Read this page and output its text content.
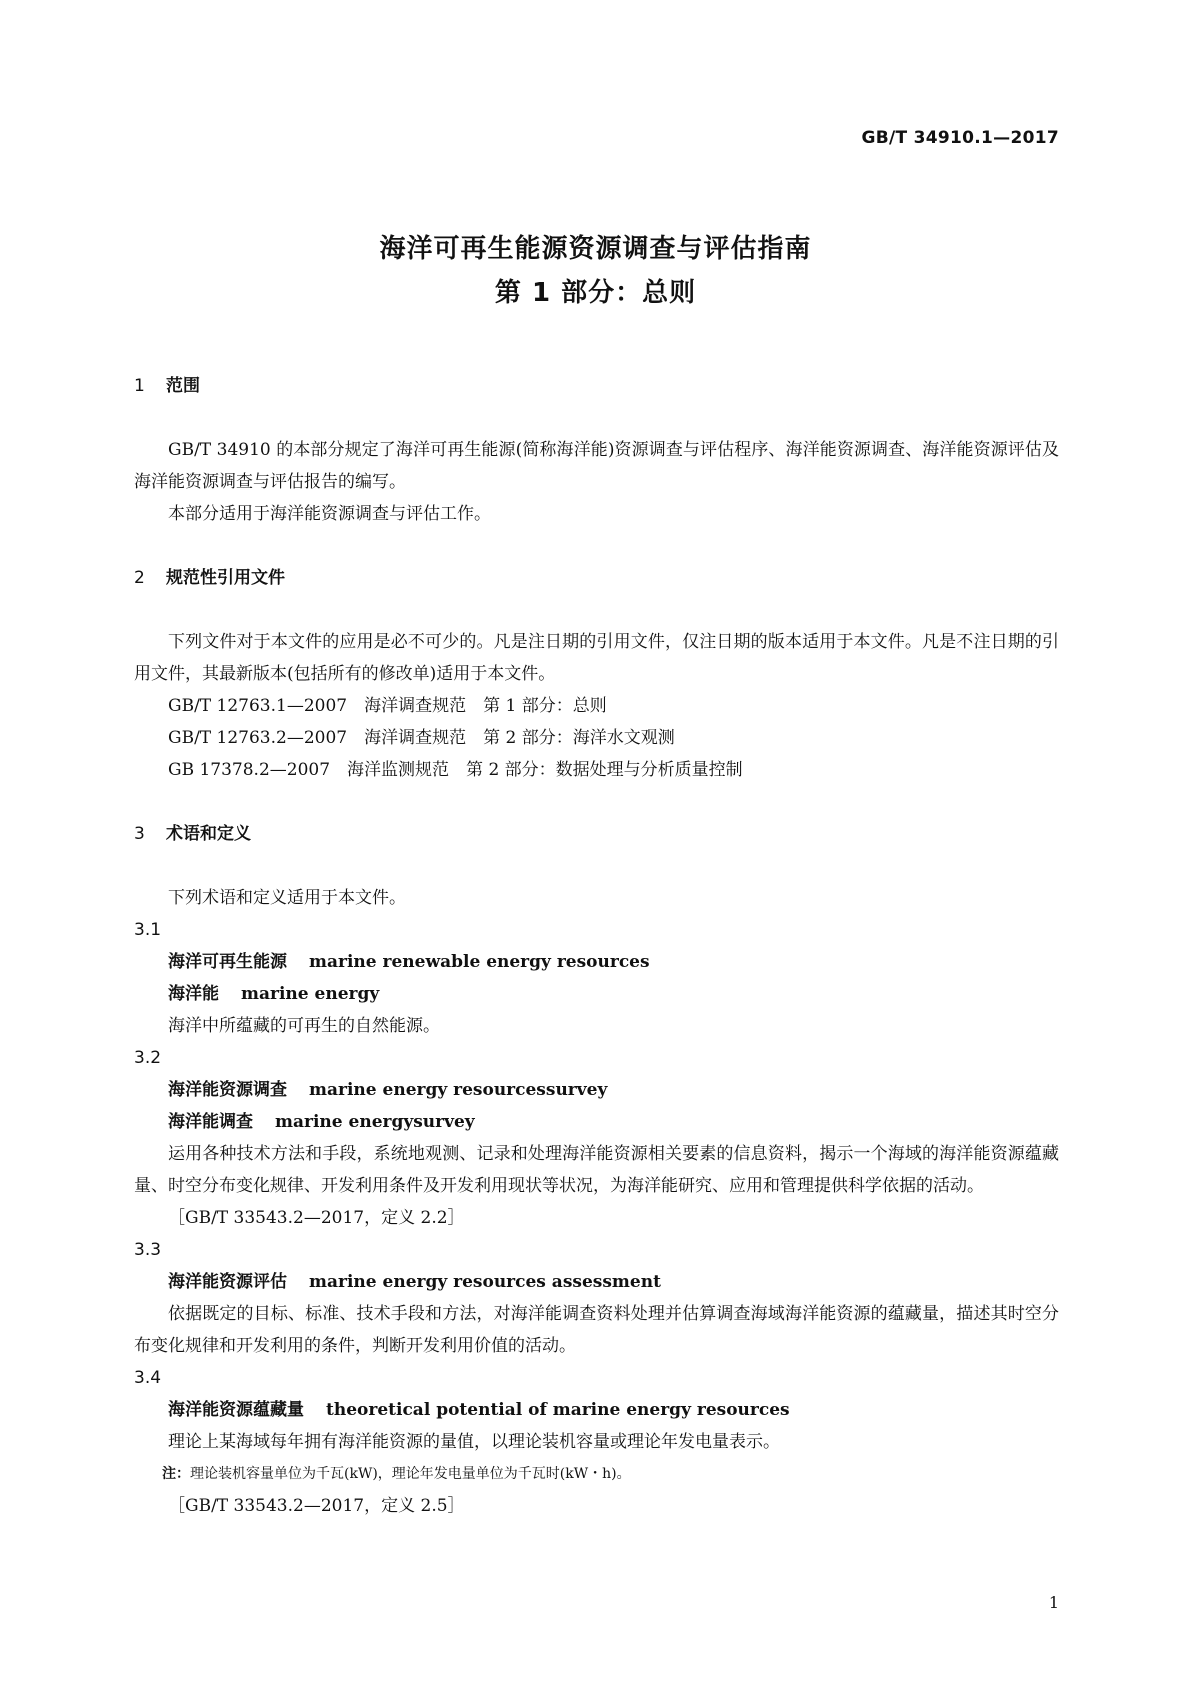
GB/T 34910.1—2017
海洋可再生能源资源调查与评估指南
第 1 部分：总则

1 范围

GB/T 34910 的本部分规定了海洋可再生能源(简称海洋能)资源调查与评估程序、海洋能资源调查、海洋能资源评估及海洋能资源调查与评估报告的编写。

本部分适用于海洋能资源调查与评估工作。

2 规范性引用文件

下列文件对于本文件的应用是必不可少的。凡是注日期的引用文件，仅注日期的版本适用于本文件。凡是不注日期的引用文件，其最新版本(包括所有的修改单)适用于本文件。

GB/T 12763.1—2007　海洋调查规范　第 1 部分：总则

GB/T 12763.2—2007　海洋调查规范　第 2 部分：海洋水文观测

GB 17378.2—2007　海洋监测规范　第 2 部分：数据处理与分析质量控制

3 术语和定义

下列术语和定义适用于本文件。

3.1

海洋可再生能源 marine renewable energy resources

海洋能 marine energy

海洋中所蕴藏的可再生的自然能源。

3.2

海洋能资源调查 marine energy resourcessurvey

海洋能调查 marine energysurvey

运用各种技术方法和手段，系统地观测、记录和处理海洋能资源相关要素的信息资料，揭示一个海域的海洋能资源蕴藏量、时空分布变化规律、开发利用条件及开发利用现状等状况，为海洋能研究、应用和管理提供科学依据的活动。

［GB/T 33543.2—2017，定义 2.2］

3.3

海洋能资源评估 marine energy resources assessment

依据既定的目标、标准、技术手段和方法，对海洋能调查资料处理并估算调查海域海洋能资源的蕴藏量，描述其时空分布变化规律和开发利用的条件，判断开发利用价值的活动。

3.4

海洋能资源蕴藏量 theoretical potential of marine energy resources

理论上某海域每年拥有海洋能资源的量值，以理论装机容量或理论年发电量表示。

注：理论装机容量单位为千瓦(kW)，理论年发电量单位为千瓦时(kW・h)。

［GB/T 33543.2—2017，定义 2.5］

1
